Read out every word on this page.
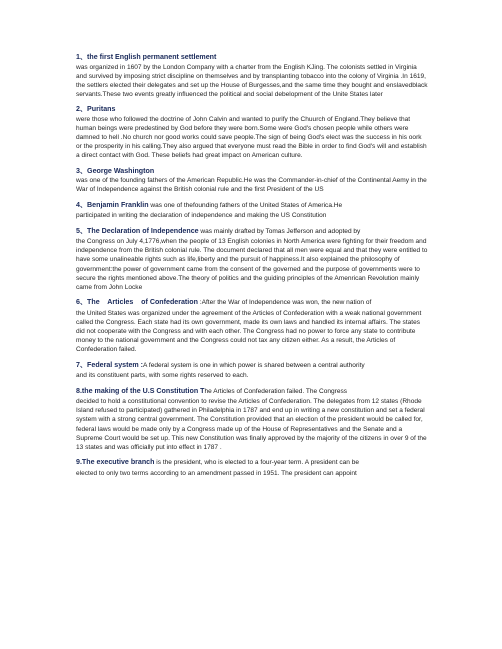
1、the first English permanent settlement
was organized in 1607 by the London Company with a charter from the English KJing. The colonists settled in Virginia and survived by imposing strict discipline on themselves and by transplanting tobacco into the colony of Virginia .In 1619, the settlers elected their delegates and set up the House of Burgesses,and the same time they bought and enslavedblack servants.These two events greatly influenced the political and social debelopment of the Unite States later
2、Puritans
were those who followed the doctrine of John Calvin and wanted to purify the Chuurch of England.They believe that human beings were predestined by God before they were born.Some were God's chosen people while others were damned to hell .No church nor good works could save people.The sign of being God's elect was the success in his oork or the prosperity in his calling.They also argued that everyone must read the Bible in order to find God's will and establish a direct contact with God. These beliefs had great impact on American culture.
3、George Washington
was one of the founding fathers of the American Republic.He was the Commander-in-chief of the Continental Aemy in the War of Independence against the British colonial rule and the first President of the US
4、Benjamin Franklin was one of thefounding fathers of the United States of America.He
participated in writing the declaration of independence and making the US Constitution
5、The Declaration of Independence was mainly drafted by Tomas Jefferson and adopted by
the Congress on July 4,1776,when the people of 13 English colonies in North America were fighting for their freedom and independence from the British colonial rule. The document declared that all men were equal and that they were entitled to have some unalineable rights such as life,liberty and the pursuit of happiness.It also explained the philosophy of government:the power of government came from the consent of the governed and the purpose of governments were to secure the rights mentioned above.The theory of politics and the guiding principles of the Amenrican Revolution mainly came from John Locke
6、The    Articles    of Confederation :After the War of Independence was won, the new nation of
the United States was organized under the agreement of the Articles of Confederation with a weak national government called the Congress. Each state had its own government, made its own laws and handled its internal affairs. The states did not cooperate with the Congress and with each other. The Congress had no power to force any state to contribute money to the national government and the Congress could not tax any citizen either. As a result, the Articles of Confederation failed.
7、Federal system :A federal system is one in which power is shared between a central authority
and its constituent parts, with some rights reserved to each.
8.the making of the U.S Constitution The Articles of Confederation failed. The Congress
decided to hold a constitutional convention to revise the Articles of Confederation. The delegates from 12 states (Rhode Island refused to participated) gathered in Philadelphia in 1787 and end up in writing a new constitution and set a federal system with a strong central government. The Constitution provided that an election of the president would be called for, federal laws would be made only by a Congress made up of the House of Representatives and the Senate and a Supreme Court would be set up. This new Constitution was finally approved by the majority of the citizens in over 9 of the 13 states and was officially put into effect in 1787 .
9.The executive branch is the president, who is elected to a four-year term. A president can be
elected to only two terms according to an amendment passed in 1951. The president can appoint
